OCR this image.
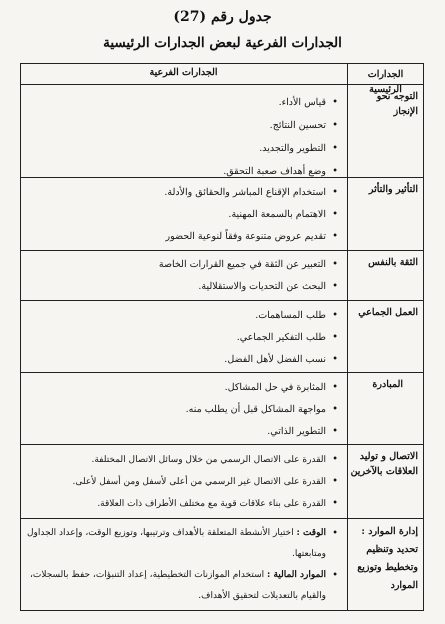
جدول رقم (27)
الجدارات الفرعية لبعض الجدارات الرئيسية
الجدارات الرئيسية
الجدارات الفرعية
التوجه نحو الإنجاز
• قياس الأداء.
• تحسين النتائج.
• التطوير والتجديد.
• وضع أهداف صعبة التحقق.
التأثير والتأثر
• استخدام الإقناع المباشر والحقائق والأدلة.
• الاهتمام بالسمعة المهنية.
• تقديم عروض متنوعة وفقاً لنوعية الحضور
الثقة بالنفس
• التعبير عن الثقة في جميع القرارات الخاصة
• البحث عن التحديات والاستقلالية.
العمل الجماعي
• طلب المساهمات.
• طلب التفكير الجماعي.
• نسب الفضل لأهل الفضل.
المبادرة
• المثابرة في حل المشاكل.
• مواجهة المشاكل قبل أن يطلب منه.
• التطوير الذاتي.
الاتصال و توليد العلاقات بالآخرين
• القدرة على الاتصال الرسمي من خلال وسائل الاتصال المختلفة.
• القدرة على الاتصال غير الرسمي من أعلى لأسفل ومن أسفل لأعلى.
• القدرة على بناء علاقات قوية مع مختلف الأطراف ذات العلاقة.
إدارة الموارد : تحديد وتنظيم وتخطيط وتوزيع الموارد
• الوقت : اختيار الأنشطة المتعلقة بالأهداف وترتيبها، وتوزيع الوقت، وإعداد الجداول ومتابعتها.
• الموارد المالية : استخدام الموازنات التخطيطية، إعداد التنبؤات، حفظ بالسجلات، والقيام بالتعديلات لتحقيق الأهداف.
